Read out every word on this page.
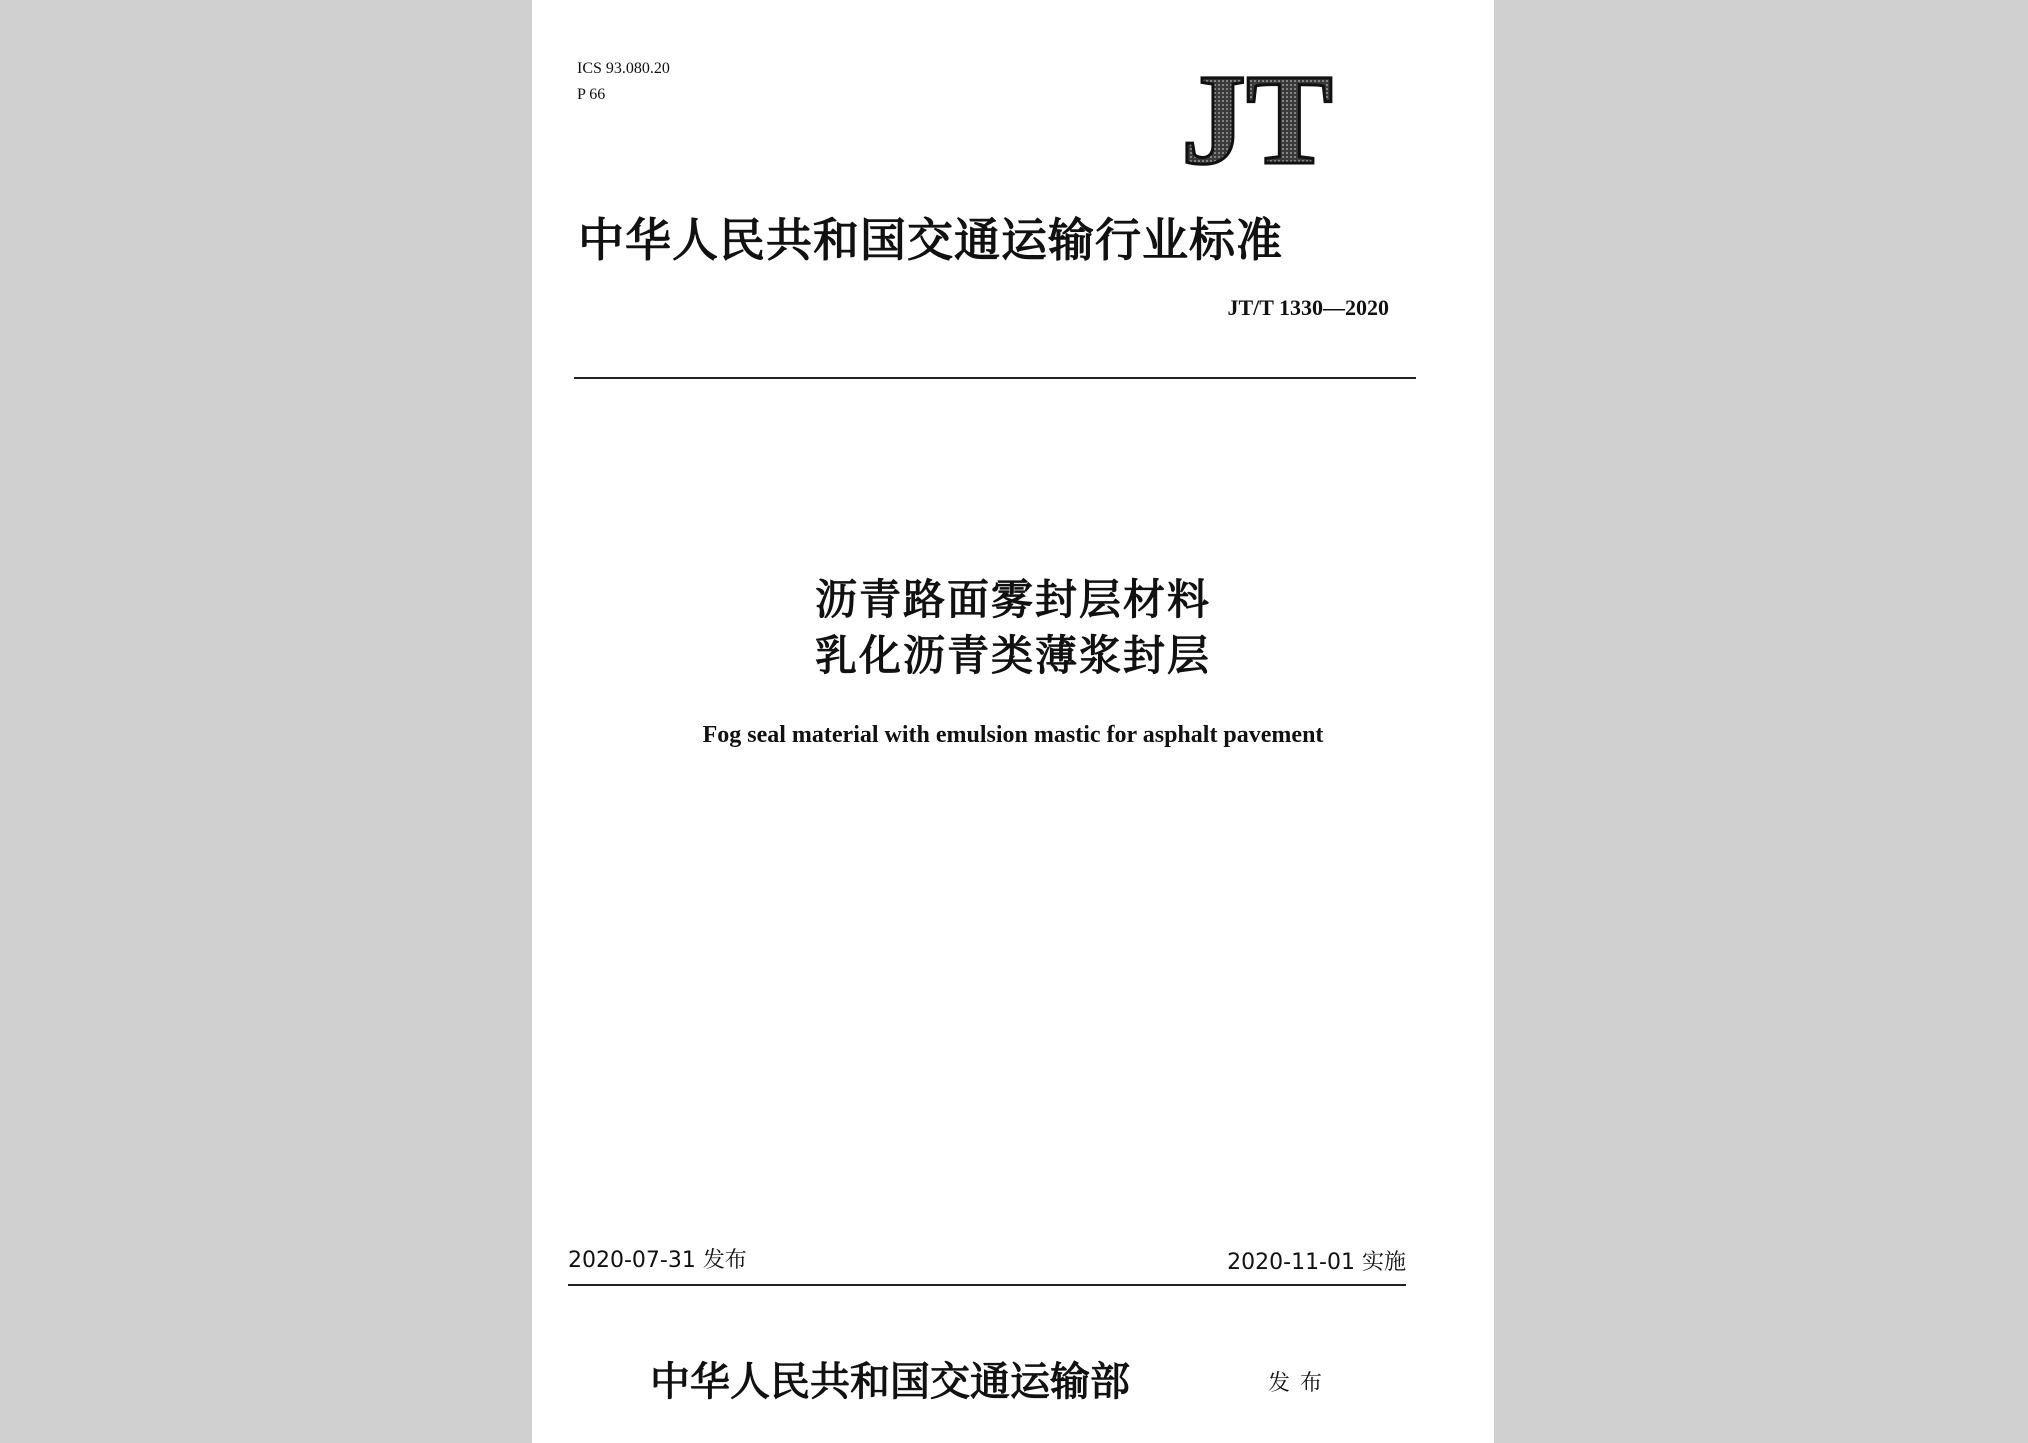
ICS 93.080.20
P 66	JT
中华人民共和国交通运输行业标准
JT/T 1330—2020
沥青路面雾封层材料
乳化沥青类薄浆封层
Fog seal material with emulsion mastic for asphalt pavement
2020-07-31 发布	2020-11-01 实施
中华人民共和国交通运输部	发布
